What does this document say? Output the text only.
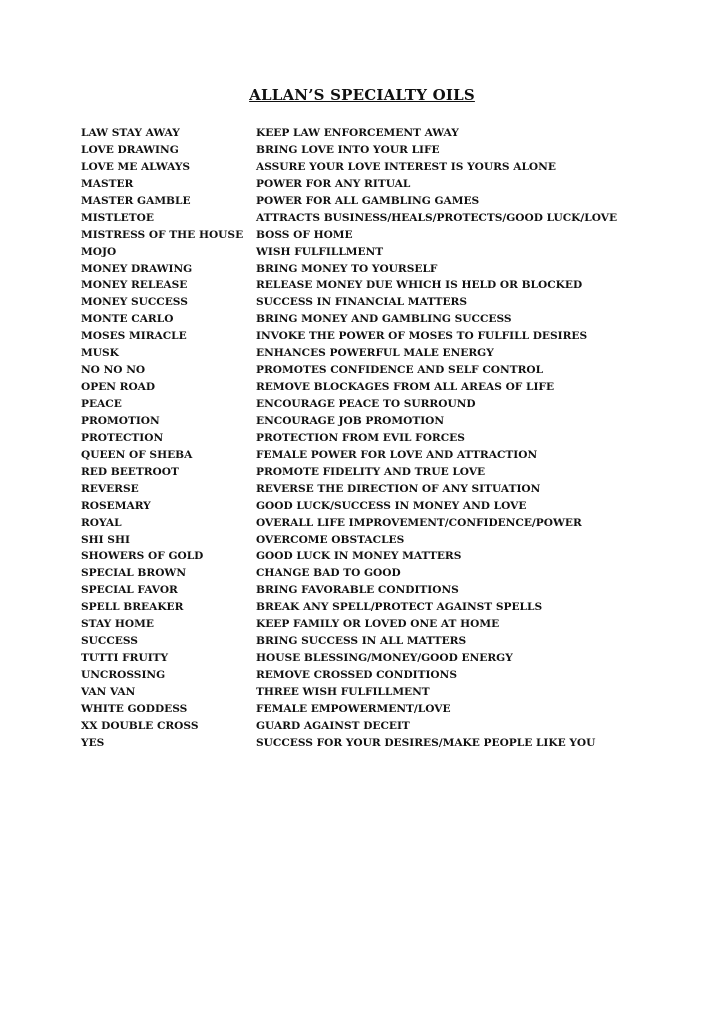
ALLAN’S SPECIALTY OILS
LAW STAY AWAY	KEEP LAW ENFORCEMENT AWAY
LOVE DRAWING	BRING LOVE INTO YOUR LIFE
LOVE ME ALWAYS	ASSURE YOUR LOVE INTEREST IS YOURS ALONE
MASTER	POWER FOR ANY RITUAL
MASTER GAMBLE	POWER FOR ALL GAMBLING GAMES
MISTLETOE	ATTRACTS BUSINESS/HEALS/PROTECTS/GOOD LUCK/LOVE
MISTRESS OF THE HOUSE	BOSS OF HOME
MOJO	WISH FULFILLMENT
MONEY DRAWING	BRING MONEY TO YOURSELF
MONEY RELEASE	RELEASE MONEY DUE WHICH IS HELD OR BLOCKED
MONEY SUCCESS	SUCCESS IN FINANCIAL MATTERS
MONTE CARLO	BRING MONEY AND GAMBLING SUCCESS
MOSES MIRACLE	INVOKE THE POWER OF MOSES TO FULFILL DESIRES
MUSK	ENHANCES POWERFUL MALE ENERGY
NO NO NO	PROMOTES CONFIDENCE AND SELF CONTROL
OPEN ROAD	REMOVE BLOCKAGES FROM ALL AREAS OF LIFE
PEACE	ENCOURAGE PEACE TO SURROUND
PROMOTION	ENCOURAGE JOB PROMOTION
PROTECTION	PROTECTION FROM EVIL FORCES
QUEEN OF SHEBA	FEMALE POWER FOR LOVE AND ATTRACTION
RED BEETROOT	PROMOTE FIDELITY AND TRUE LOVE
REVERSE	REVERSE THE DIRECTION OF ANY SITUATION
ROSEMARY	GOOD LUCK/SUCCESS IN MONEY AND LOVE
ROYAL	OVERALL LIFE IMPROVEMENT/CONFIDENCE/POWER
SHI SHI	OVERCOME OBSTACLES
SHOWERS OF GOLD	GOOD LUCK IN MONEY MATTERS
SPECIAL BROWN	CHANGE BAD TO GOOD
SPECIAL FAVOR	BRING FAVORABLE CONDITIONS
SPELL BREAKER	BREAK ANY SPELL/PROTECT AGAINST SPELLS
STAY HOME	KEEP FAMILY OR LOVED ONE AT HOME
SUCCESS	BRING SUCCESS IN ALL MATTERS
TUTTI FRUITY	HOUSE BLESSING/MONEY/GOOD ENERGY
UNCROSSING	REMOVE CROSSED CONDITIONS
VAN VAN	THREE WISH FULFILLMENT
WHITE GODDESS	FEMALE EMPOWERMENT/LOVE
XX DOUBLE CROSS	GUARD AGAINST DECEIT
YES	SUCCESS FOR YOUR DESIRES/MAKE PEOPLE LIKE YOU
